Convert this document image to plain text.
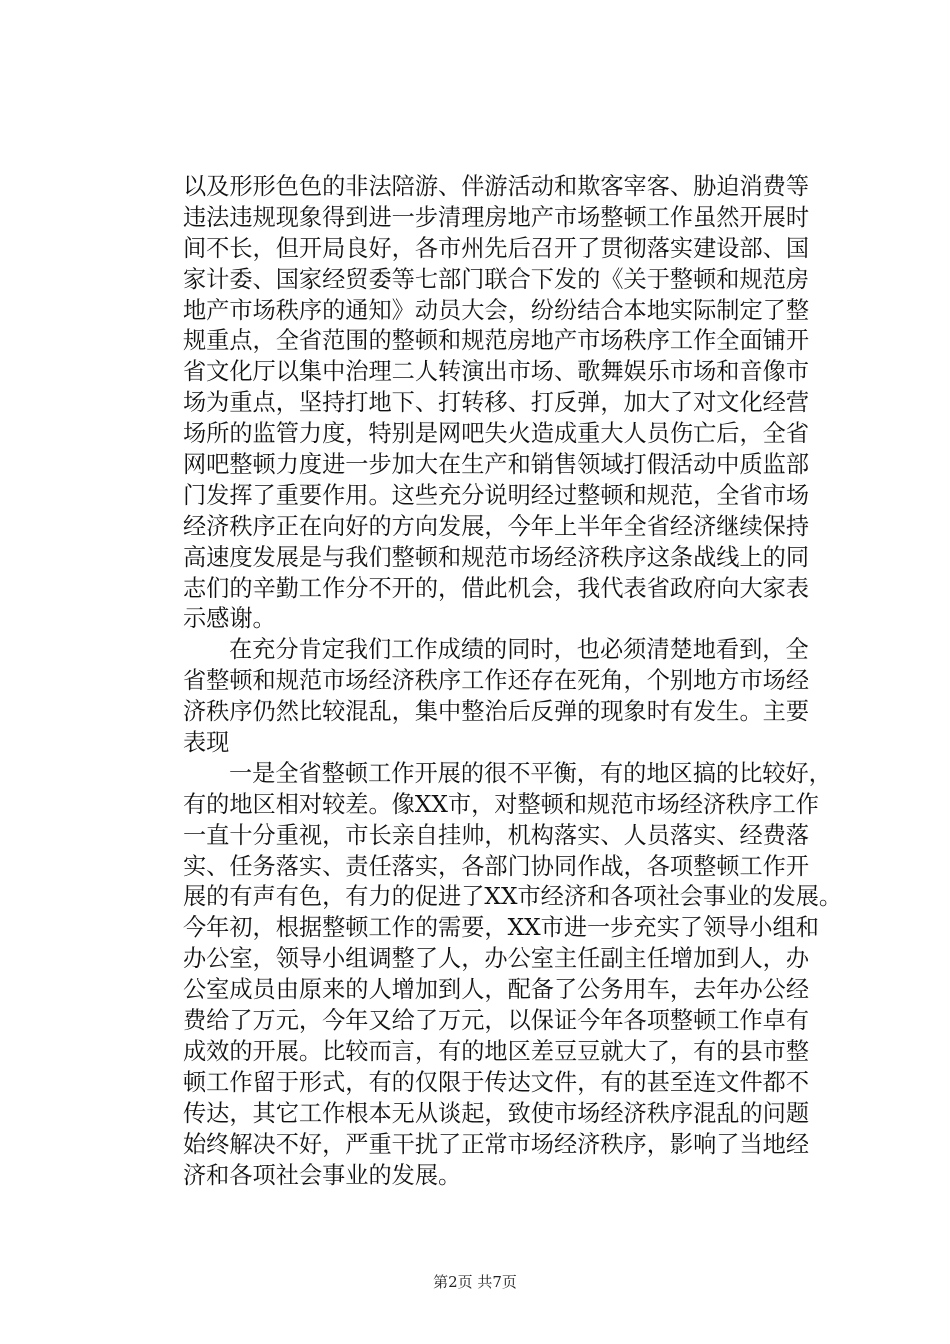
以及形形色色的非法陪游、伴游活动和欺客宰客、胁迫消费等
违法违规现象得到进一步清理房地产市场整顿工作虽然开展时
间不长，但开局良好，各市州先后召开了贯彻落实建设部、国
家计委、国家经贸委等七部门联合下发的《关于整顿和规范房
地产市场秩序的通知》动员大会，纷纷结合本地实际制定了整
规重点，全省范围的整顿和规范房地产市场秩序工作全面铺开
省文化厅以集中治理二人转演出市场、歌舞娱乐市场和音像市
场为重点，坚持打地下、打转移、打反弹，加大了对文化经营
场所的监管力度，特别是网吧失火造成重大人员伤亡后，全省
网吧整顿力度进一步加大在生产和销售领域打假活动中质监部
门发挥了重要作用。这些充分说明经过整顿和规范，全省市场
经济秩序正在向好的方向发展，今年上半年全省经济继续保持
高速度发展是与我们整顿和规范市场经济秩序这条战线上的同
志们的辛勤工作分不开的，借此机会，我代表省政府向大家表
示感谢。
在充分肯定我们工作成绩的同时，也必须清楚地看到，全
省整顿和规范市场经济秩序工作还存在死角，个别地方市场经
济秩序仍然比较混乱，集中整治后反弹的现象时有发生。主要
表现
一是全省整顿工作开展的很不平衡，有的地区搞的比较好，
有的地区相对较差。像XX市，对整顿和规范市场经济秩序工作
一直十分重视，市长亲自挂帅，机构落实、人员落实、经费落
实、任务落实、责任落实，各部门协同作战，各项整顿工作开
展的有声有色，有力的促进了XX市经济和各项社会事业的发展。
今年初，根据整顿工作的需要，XX市进一步充实了领导小组和
办公室，领导小组调整了人，办公室主任副主任增加到人，办
公室成员由原来的人增加到人，配备了公务用车，去年办公经
费给了万元，今年又给了万元，以保证今年各项整顿工作卓有
成效的开展。比较而言，有的地区差豆豆就大了，有的县市整
顿工作留于形式，有的仅限于传达文件，有的甚至连文件都不
传达，其它工作根本无从谈起，致使市场经济秩序混乱的问题
始终解决不好，严重干扰了正常市场经济秩序，影响了当地经
济和各项社会事业的发展。
第2页 共7页
